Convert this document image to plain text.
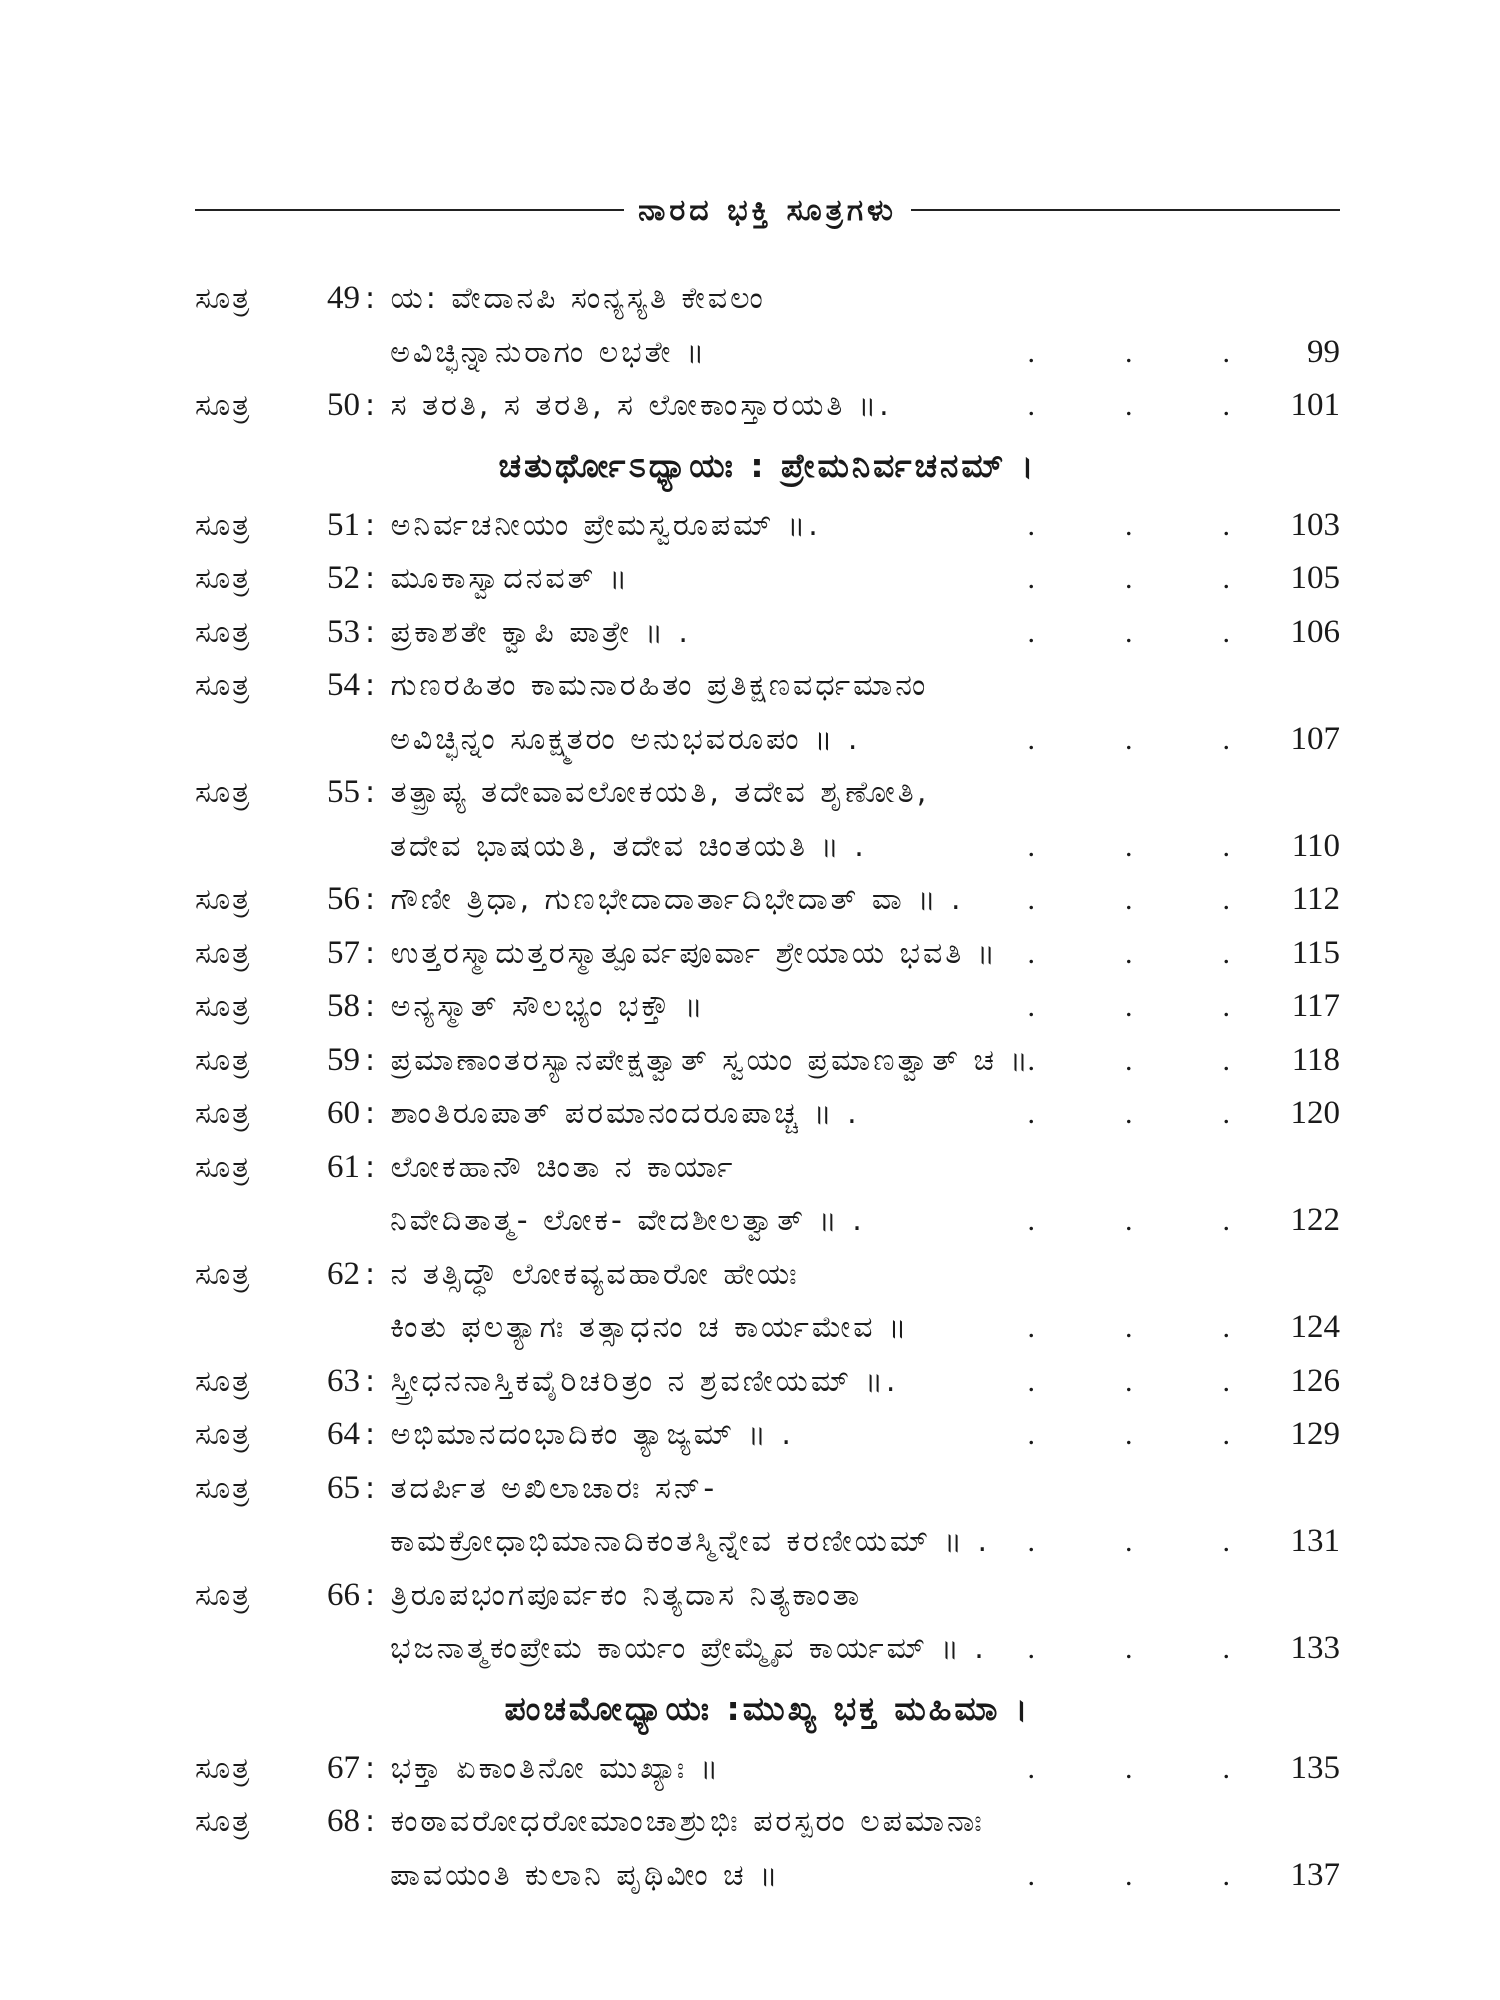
ನಾರದ ಭಕ್ತಿ ಸೂತ್ರಗಳು
ಸೂತ್ರ	49 : ಯ: ವೇದಾನಪಿ ಸಂನ್ಯಸ್ಯತಿ ಕೇವಲಂ
ಅವಿಚ್ಛಿನ್ನಾನುರಾಗಂ ಲಭತೇ ॥	.   .   .	99
ಸೂತ್ರ	50 : ಸ ತರತಿ, ಸ ತರತಿ, ಸ ಲೋಕಾಂಸ್ತಾರಯತಿ ॥.	.   .   .	101
ಚತುರ್ಥೋಽಧ್ಯಾಯಃ : ಪ್ರೇಮನಿರ್ವಚನಮ್ ।
ಸೂತ್ರ	51 : ಅನಿರ್ವಚನೀಯಂ ಪ್ರೇಮಸ್ವರೂಪಮ್ ॥.	.   .   .	103
ಸೂತ್ರ	52 : ಮೂಕಾಸ್ವಾದನವತ್ ॥	.   .   .	105
ಸೂತ್ರ	53 : ಪ್ರಕಾಶತೇ ಕ್ವಾಪಿ ಪಾತ್ರೇ ॥ .	.   .   .	106
ಸೂತ್ರ	54 : ಗುಣರಹಿತಂ ಕಾಮನಾರಹಿತಂ ಪ್ರತಿಕ್ಷಣವರ್ಧಮಾನಂ
ಅವಿಚ್ಛಿನ್ನಂ ಸೂಕ್ಷ್ಮತರಂ ಅನುಭವರೂಪಂ ॥ .	.   .   .	107
ಸೂತ್ರ	55 : ತತ್ಪ್ರಾಪ್ಯ ತದೇವಾವಲೋಕಯತಿ, ತದೇವ ಶೃಣೋತಿ,
ತದೇವ ಭಾಷಯತಿ, ತದೇವ ಚಿಂತಯತಿ ॥ .	.   .   .	110
ಸೂತ್ರ	56 : ಗೌಣೀ ತ್ರಿಧಾ, ಗುಣಭೇದಾದಾರ್ತಾದಿಭೇದಾತ್ ವಾ ॥ . .   .   .	112
ಸೂತ್ರ	57 : ಉತ್ತರಸ್ಮಾದುತ್ತರಸ್ಮಾತ್ಪೂರ್ವಪೂರ್ವಾ ಶ್ರೇಯಾಯ ಭವತಿ ॥ .   .   .	115
ಸೂತ್ರ	58 : ಅನ್ಯಸ್ಮಾತ್ ಸೌಲಭ್ಯಂ ಭಕ್ತೌ ॥	.   .   .	117
ಸೂತ್ರ	59 : ಪ್ರಮಾಣಾಂತರಸ್ಯಾನಪೇಕ್ಷತ್ವಾತ್ ಸ್ವಯಂ ಪ್ರಮಾಣತ್ವಾತ್ ಚ ॥
.   .   .	118
ಸೂತ್ರ	60 : ಶಾಂತಿರೂಪಾತ್ ಪರಮಾನಂದರೂಪಾಚ್ಚ ॥ .	.   .   .	120
ಸೂತ್ರ	61 : ಲೋಕಹಾನೌ ಚಿಂತಾ ನ ಕಾರ್ಯಾ
ನಿವೇದಿತಾತ್ಮ- ಲೋಕ- ವೇದಶೀಲತ್ವಾತ್ ॥ .	.   .   .	122
ಸೂತ್ರ	62 : ನ ತತ್ಸಿದ್ಧೌ ಲೋಕವ್ಯವಹಾರೋ ಹೇಯಃ
ಕಿಂತು ಫಲತ್ಯಾಗಃ ತತ್ಸಾಧನಂ ಚ ಕಾರ್ಯಮೇವ ॥	.   .   .	124
ಸೂತ್ರ	63 : ಸ್ತ್ರೀಧನನಾಸ್ತಿಕವೈರಿಚರಿತ್ರಂ ನ ಶ್ರವಣೀಯಮ್ ॥.	.   .   .	126
ಸೂತ್ರ	64 : ಅಭಿಮಾನದಂಭಾದಿಕಂ ತ್ಯಾಜ್ಯಮ್ ॥ .	.   .   .	129
ಸೂತ್ರ	65 : ತದರ್ಪಿತ ಅಖಿಲಾಚಾರಃ ಸನ್-
ಕಾಮಕ್ರೋಧಾಭಿಮಾನಾದಿಕಂತಸ್ಮಿನ್ನೇವ ಕರಣೀಯಮ್ ॥ . .   .   .	131
ಸೂತ್ರ	66 : ತ್ರಿರೂಪಭಂಗಪೂರ್ವಕಂ ನಿತ್ಯದಾಸ ನಿತ್ಯಕಾಂತಾ
ಭಜನಾತ್ಮಕಂಪ್ರೇಮ ಕಾರ್ಯಂ ಪ್ರೇಮ್ಮೈವ ಕಾರ್ಯಮ್ ॥ . .   .   .	133
ಪಂಚಮೋಧ್ಯಾಯಃ :ಮುಖ್ಯ ಭಕ್ತ ಮಹಿಮಾ ।
ಸೂತ್ರ	67 : ಭಕ್ತಾ ಏಕಾಂತಿನೋ ಮುಖ್ಯಾಃ ॥	.   .   .	135
ಸೂತ್ರ	68 : ಕಂಠಾವರೋಧರೋಮಾಂಚಾಶ್ರುಭಿಃ ಪರಸ್ಪರಂ ಲಪಮಾನಾಃ
ಪಾವಯಂತಿ ಕುಲಾನಿ ಪೃಥಿವೀಂ ಚ ॥	.   .   .	137
